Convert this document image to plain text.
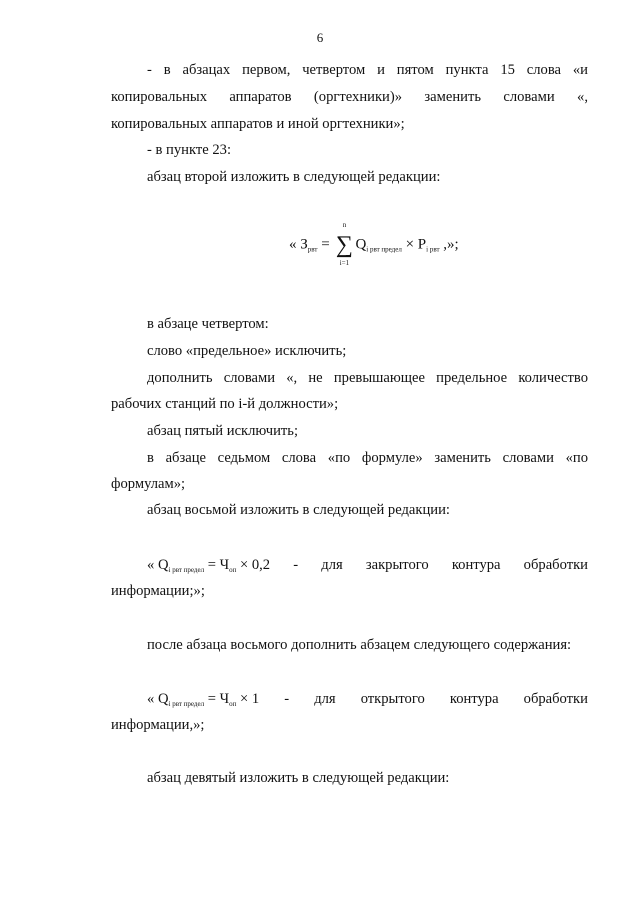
6
- в абзацах первом, четвертом и пятом пункта 15 слова «и
копировальных аппаратов (оргтехники)» заменить словами «,
копировальных аппаратов и иной оргтехники»;
- в пункте 23:
абзац второй изложить в следующей редакции:
« $З_{рвт}$ =
n
∑
i=1
$Q_{i рвт предел} \times P_{i рвт}$ ,»;
в абзаце четвертом:
слово «предельное» исключить;
дополнить словами «, не превышающее предельное количество
рабочих станций по i-й должности»;
абзац пятый исключить;
в абзаце седьмом слова «по формуле» заменить словами «по
формулам»;
абзац восьмой изложить в следующей редакции:
« $Q_{i рвт предел} = Ч_{оп} \times 0,2$ - для закрытого контура обработки
информации;»;
после абзаца восьмого дополнить абзацем следующего содержания:
« $Q_{i рвт предел} = Ч_{оп} \times 1$ - для открытого контура обработки
информации,»;
абзац девятый изложить в следующей редакции:
